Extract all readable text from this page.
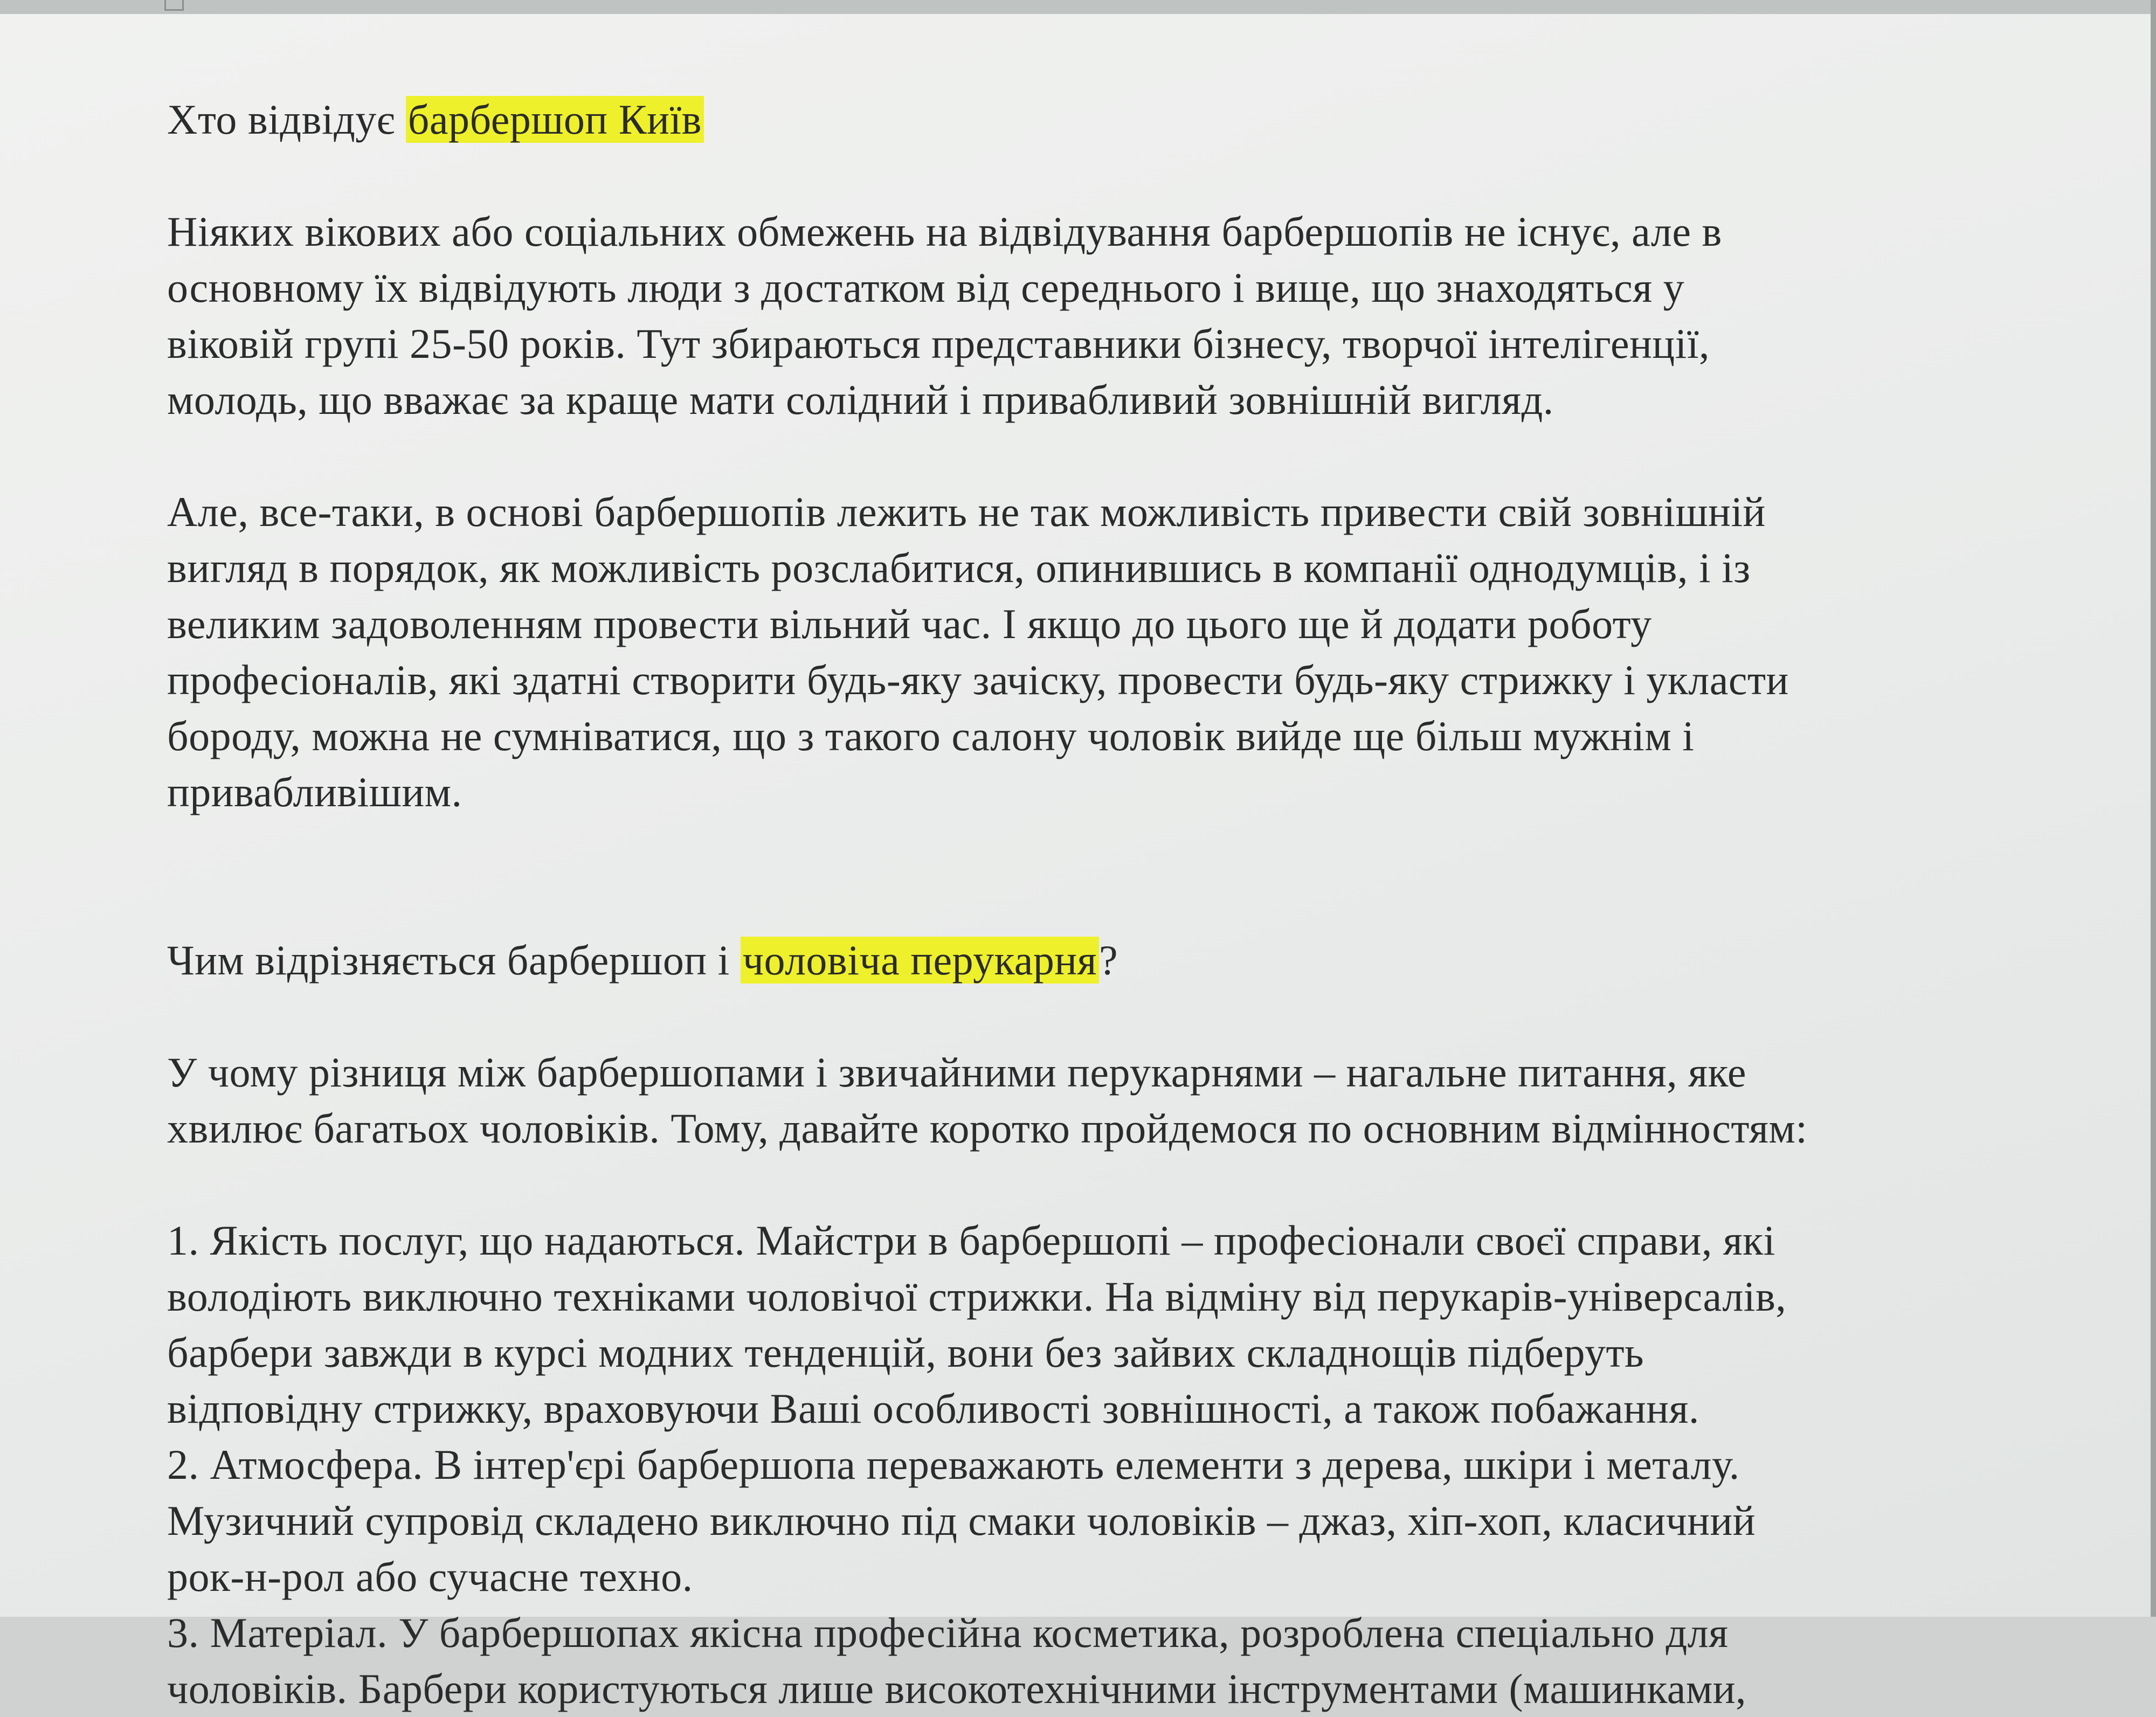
Хто відвідує барбершоп Київ

Ніяких вікових або соціальних обмежень на відвідування барбершопів не існує, але в
основному їх відвідують люди з достатком від середнього і вище, що знаходяться у
віковій групі 25-50 років. Тут збираються представники бізнесу, творчої інтелігенції,
молодь, що вважає за краще мати солідний і привабливий зовнішній вигляд.

Але, все-таки, в основі барбершопів лежить не так можливість привести свій зовнішній
вигляд в порядок, як можливість розслабитися, опинившись в компанії однодумців, і із
великим задоволенням провести вільний час. І якщо до цього ще й додати роботу
професіоналів, які здатні створити будь-яку зачіску, провести будь-яку стрижку і укласти
бороду, можна не сумніватися, що з такого салону чоловік вийде ще більш мужнім і
привабливішим.

Чим відрізняється барбершоп і чоловіча перукарня?

У чому різниця між барбершопами і звичайними перукарнями – нагальне питання, яке
хвилює багатьох чоловіків. Тому, давайте коротко пройдемося по основним відмінностям:

1. Якість послуг, що надаються. Майстри в барбершопі – професіонали своєї справи, які
володіють виключно техніками чоловічої стрижки. На відміну від перукарів-універсалів,
барбери завжди в курсі модних тенденцій, вони без зайвих складнощів підберуть
відповідну стрижку, враховуючи Ваші особливості зовнішності, а також побажання.

2. Атмосфера. В інтер'єрі барбершопа переважають елементи з дерева, шкіри і металу.
Музичний супровід складено виключно під смаки чоловіків – джаз, хіп-хоп, класичний
рок-н-рол або сучасне техно.

3. Матеріал. У барбершопах якісна професійна косметика, розроблена спеціально для
чоловіків. Барбери користуються лише високотехнічними інструментами (машинками,
